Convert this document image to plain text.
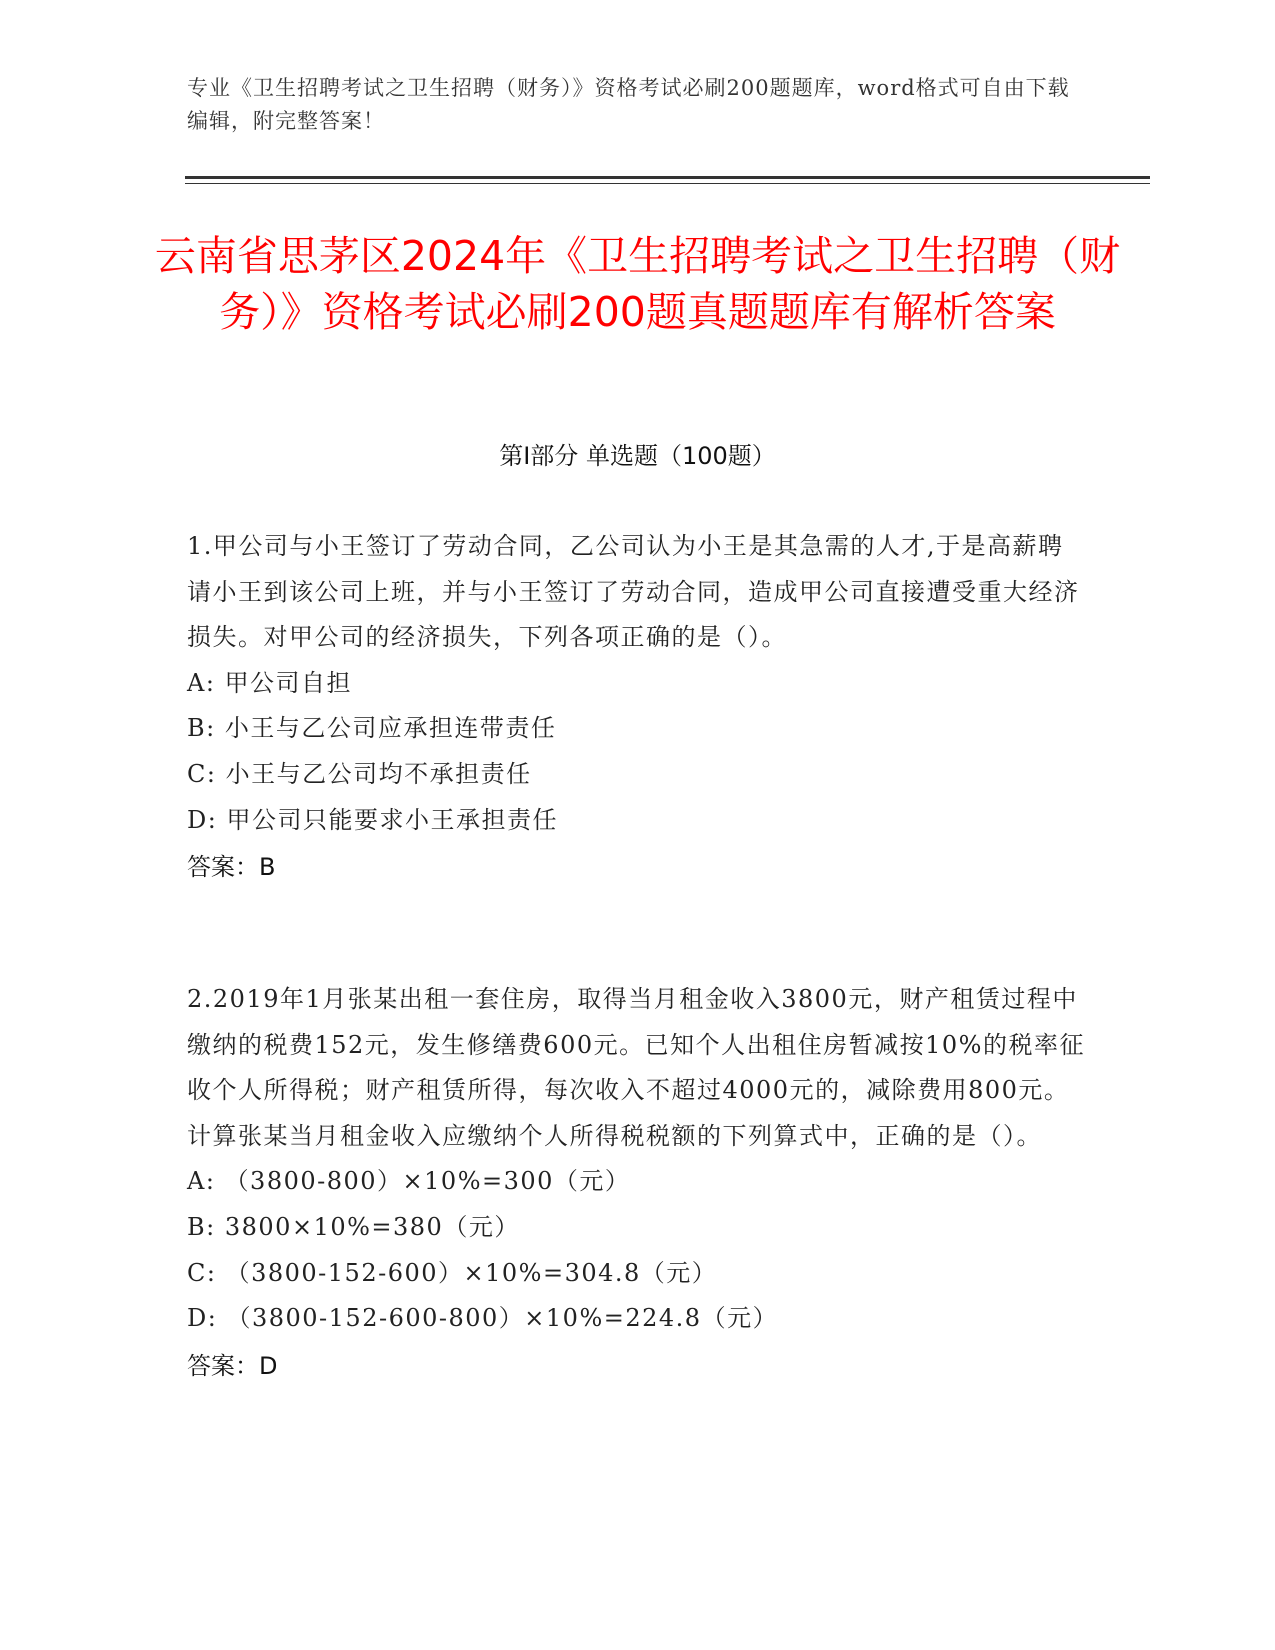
专业《卫生招聘考试之卫生招聘（财务）》资格考试必刷200题题库，word格式可自由下载编辑，附完整答案！
云南省思茅区2024年《卫生招聘考试之卫生招聘（财务）》资格考试必刷200题真题题库有解析答案
第Ⅰ部分 单选题（100题）

1.甲公司与小王签订了劳动合同，乙公司认为小王是其急需的人才,于是高薪聘请小王到该公司上班，并与小王签订了劳动合同，造成甲公司直接遭受重大经济损失。对甲公司的经济损失，下列各项正确的是（）。

A: 甲公司自担

B: 小王与乙公司应承担连带责任

C: 小王与乙公司均不承担责任

D: 甲公司只能要求小王承担责任

答案：B

2.2019年1月张某出租一套住房，取得当月租金收入3800元，财产租赁过程中缴纳的税费152元，发生修缮费600元。已知个人出租住房暂减按10%的税率征收个人所得税；财产租赁所得，每次收入不超过4000元的，减除费用800元。计算张某当月租金收入应缴纳个人所得税税额的下列算式中，正确的是（）。

A: （3800-800）×10%=300（元）

B: 3800×10%=380（元）

C: （3800-152-600）×10%=304.8（元）

D: （3800-152-600-800）×10%=224.8（元）

答案：D
